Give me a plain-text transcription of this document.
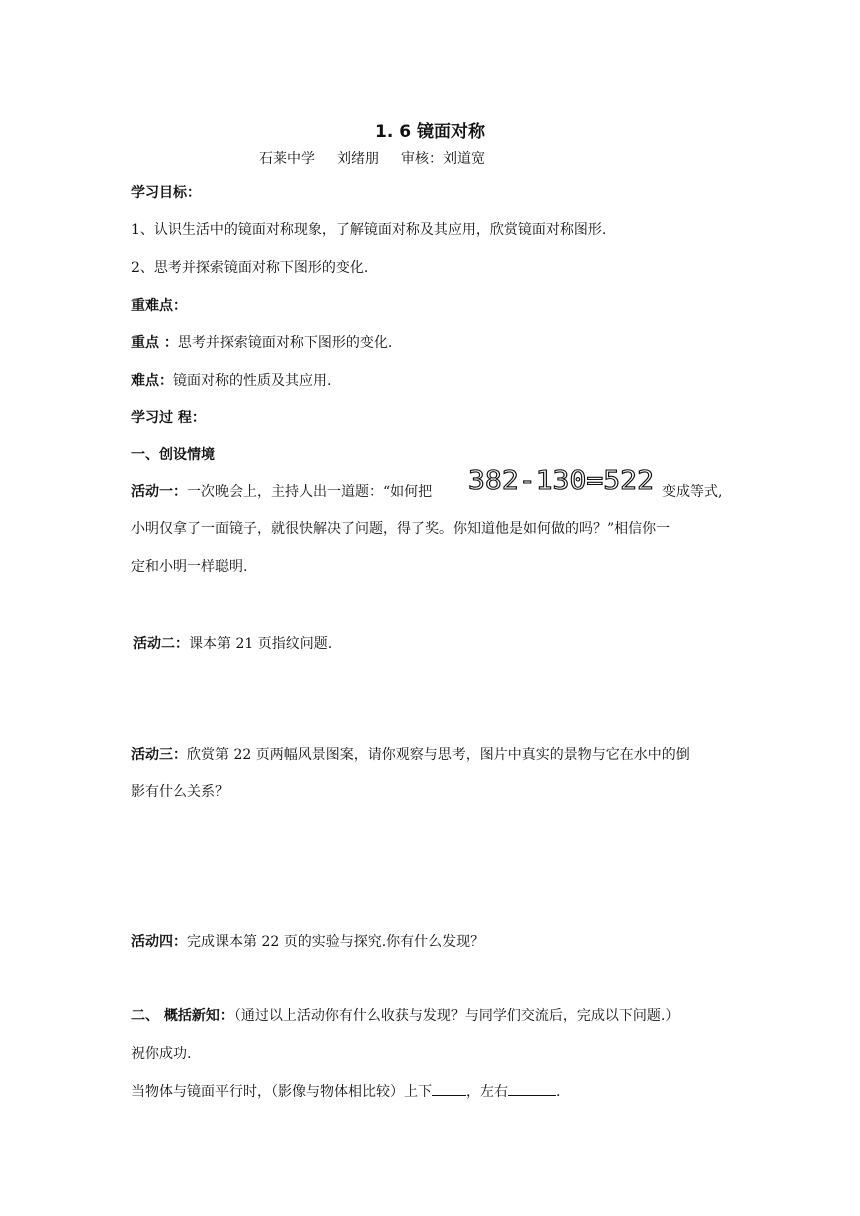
1. 6 镜面对称
石莱中学 刘绪朋 审核：刘道宽
学习目标：
1、认识生活中的镜面对称现象，了解镜面对称及其应用，欣赏镜面对称图形.
2、思考并探索镜面对称下图形的变化.
重难点：
重点 ：思考并探索镜面对称下图形的变化.
难点：镜面对称的性质及其应用.
学习过 程：
一、创设情境
活动一：一次晚会上，主持人出一道题：“如何把 382-130=522 变成等式,
小明仅拿了一面镜子，就很快解决了问题，得了奖。你知道他是如何做的吗？”相信你一
定和小明一样聪明.
活动二：课本第 21 页指纹问题.
活动三：欣赏第 22 页两幅风景图案，请你观察与思考，图片中真实的景物与它在水中的倒
影有什么关系？
活动四：完成课本第 22 页的实验与探究.你有什么发现？
二、 概括新知：（通过以上活动你有什么收获与发现？与同学们交流后，完成以下问题.）
祝你成功.
当物体与镜面平行时，（影像与物体相比较）上下 ，左右	.
